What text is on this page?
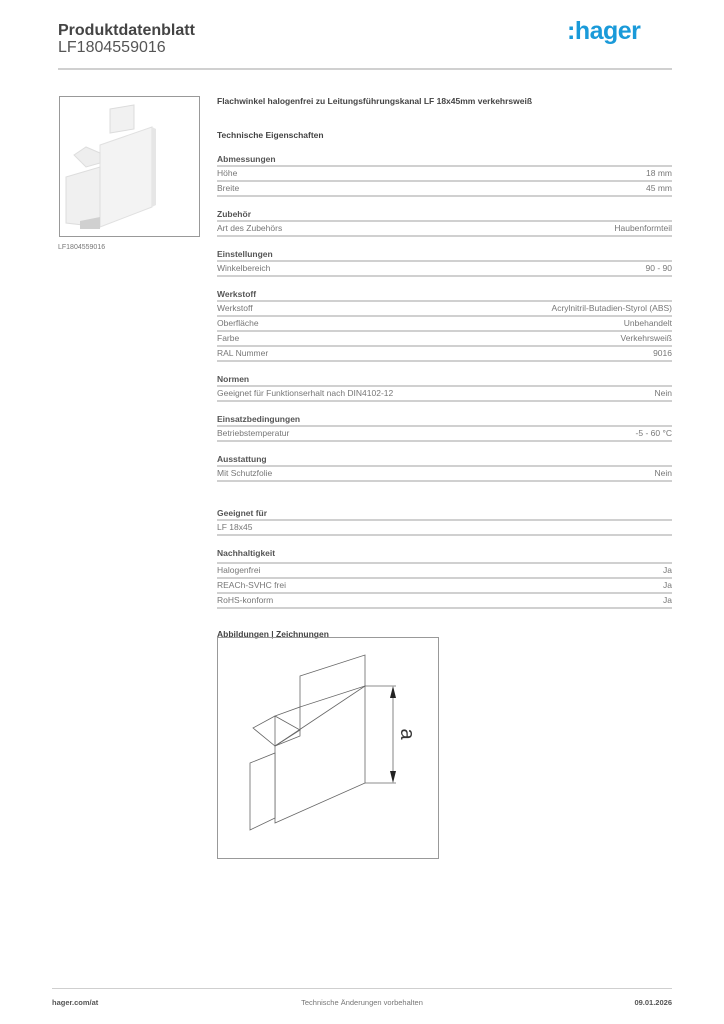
Produktdatenblatt
LF1804559016
:hager
LF1804559016
Flachwinkel halogenfrei zu Leitungsführungskanal LF 18x45mm verkehrsweiß
Technische Eigenschaften
Abmessungen
Höhe	18 mm
Breite	45 mm
Zubehör
Art des Zubehörs	Haubenformteil
Einstellungen
Winkelbereich	90 - 90
Werkstoff
Werkstoff	Acrylnitril-Butadien-Styrol (ABS)
Oberfläche	Unbehandelt
Farbe	Verkehrsweiß
RAL Nummer	9016
Normen
Geeignet für Funktionserhalt nach DIN4102-12	Nein
Einsatzbedingungen
Betriebstemperatur	-5 - 60 °C
Ausstattung
Mit Schutzfolie	Nein
Geeignet für
LF 18x45
Nachhaltigkeit
Halogenfrei	Ja
REACh-SVHC frei	Ja
RoHS-konform	Ja
Abbildungen | Zeichnungen
a
hager.com/at	Technische Änderungen vorbehalten	09.01.2026
